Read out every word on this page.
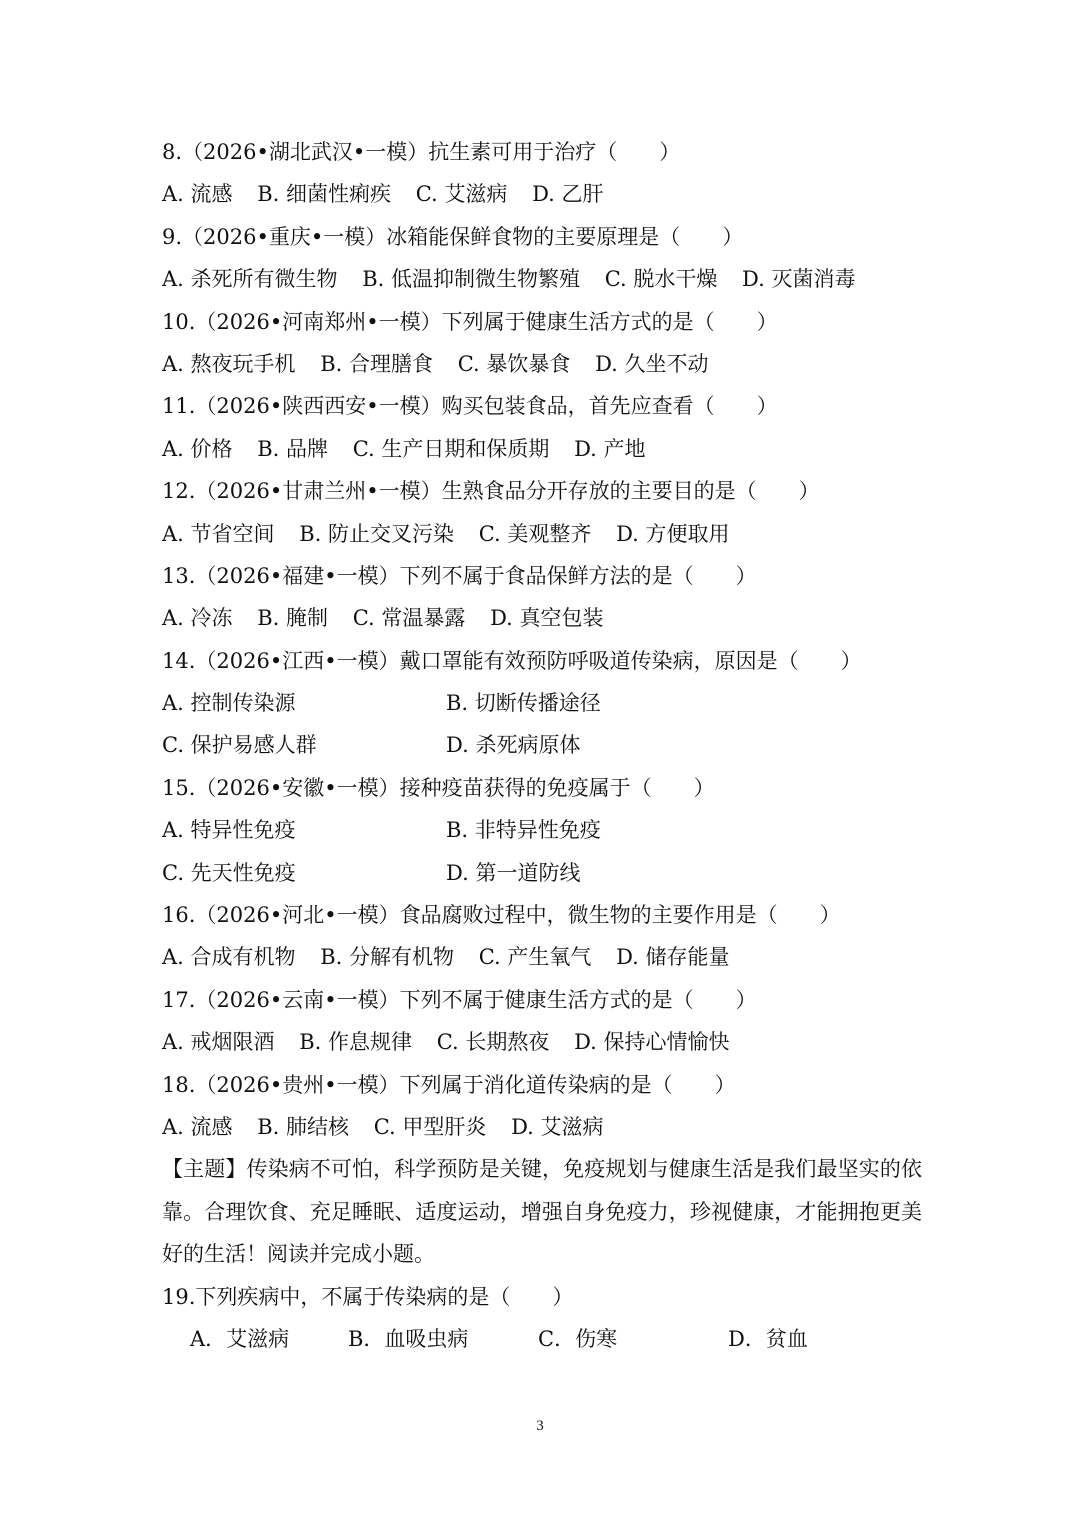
8.（2026•湖北武汉•一模）抗生素可用于治疗（　　）
A. 流感 B. 细菌性痢疾 C. 艾滋病 D. 乙肝
9.（2026•重庆•一模）冰箱能保鲜食物的主要原理是（　　）
A. 杀死所有微生物 B. 低温抑制微生物繁殖 C. 脱水干燥 D. 灭菌消毒
10.（2026•河南郑州•一模）下列属于健康生活方式的是（　　）
A. 熬夜玩手机 B. 合理膳食 C. 暴饮暴食 D. 久坐不动
11.（2026•陕西西安•一模）购买包装食品，首先应查看（　　）
A. 价格 B. 品牌 C. 生产日期和保质期 D. 产地
12.（2026•甘肃兰州•一模）生熟食品分开存放的主要目的是（　　）
A. 节省空间 B. 防止交叉污染 C. 美观整齐 D. 方便取用
13.（2026•福建•一模）下列不属于食品保鲜方法的是（　　）
A. 冷冻 B. 腌制 C. 常温暴露 D. 真空包装
14.（2026•江西•一模）戴口罩能有效预防呼吸道传染病，原因是（　　）
A. 控制传染源	B. 切断传播途径
C. 保护易感人群	D. 杀死病原体
15.（2026•安徽•一模）接种疫苗获得的免疫属于（　　）
A. 特异性免疫	B. 非特异性免疫
C. 先天性免疫	D. 第一道防线
16.（2026•河北•一模）食品腐败过程中，微生物的主要作用是（　　）
A. 合成有机物 B. 分解有机物 C. 产生氧气 D. 储存能量
17.（2026•云南•一模）下列不属于健康生活方式的是（　　）
A. 戒烟限酒 B. 作息规律 C. 长期熬夜 D. 保持心情愉快
18.（2026•贵州•一模）下列属于消化道传染病的是（　　）
A. 流感 B. 肺结核 C. 甲型肝炎 D. 艾滋病
【主题】传染病不可怕，科学预防是关键，免疫规划与健康生活是我们最坚实的依靠。合理饮食、充足睡眠、适度运动，增强自身免疫力，珍视健康，才能拥抱更美好的生活！阅读并完成小题。
19.下列疾病中，不属于传染病的是（　　）
A．艾滋病	B．血吸虫病	C．伤寒	D．贫血
3
